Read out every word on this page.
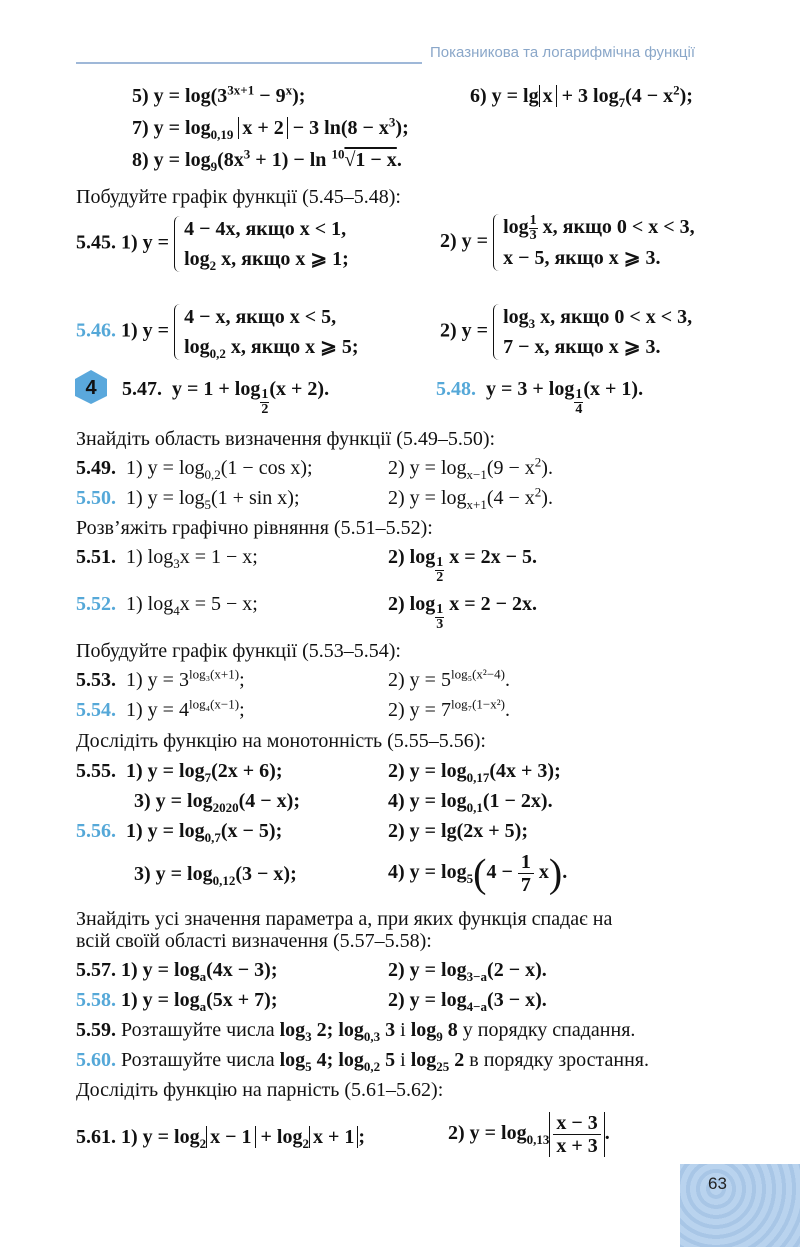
Показникова та логарифмічна функції
5) $y = \log(3^{3x+1} - 9^x)$;	6) y = lg x + 3 $\log_7(4 - x^2)$;
7) $y = \log_{0,19} x + 2 - 3$ $\ln(8 - x^3)$;
8) $y = \log_9(8x^3 + 1) - \ln ^{10}√1 - x$.
Побудуйте графік функції (5.45–5.48):
5.45. 1) y =
4 − 4x, якщо x < 1,
$\log_2 x$, якщо x ⩾ 1;
2) y =
$\log \frac{1}{3} x$, якщо 0 < x < 3,
x − 5, якщо x ⩾ 3.
5.46. 1) y =
4 − x, якщо x < 5,
$\log_{0,2} x$, якщо x ⩾ 5;
2) y =
$\log_3 x$, якщо 0 < x < 3,
7 − x, якщо x ⩾ 3.
4 5.47. $y = 1 + \log \frac{1}{2} (x + 2)$.	5.48. $y = 3 + \log \frac{1}{4} (x + 1)$.
Знайдіть область визначення функції (5.49–5.50):
5.49. 1) $y = \log_{0,2}(1 - \cos x)$;	2) $y = \log_{x-1}(9 - x^2)$.
5.50. 1) $y = \log_5(1 + \sin x)$;	2) $y = \log_{x+1}(4 - x^2)$.
Розв’яжіть графічно рівняння (5.51–5.52):
5.51. 1) $\log_3x = 1 - x$;	2) $\log \frac{1}{2}$ x = 2x − 5.
5.52. 1) $\log_4x = 5 - x$;	2) $\log \frac{1}{3}$ x = 2 − 2x.
Побудуйте графік функції (5.53–5.54):
5.53. 1) $y = 3^{log_3(x+1)}$;	2) $y = 5^{log_5(x^2-4)}$.
5.54. 1) $y = 4^{log_4(x-1)}$;	2) $y = 7^{log_7(1-x^2)}$.
Дослідіть функцію на монотонність (5.55–5.56):
5.55. 1) $y = \log_7(2x + 6)$;	2) $y = \log_{0,17}(4x + 3)$;
3) $y = \log_{2020}(4 - x)$;	4) $y = \log_{0,1}(1 - 2x)$.
5.56. 1) $y = \log_{0,7}(x - 5)$;	2) y = lg(2x + 5);
3) $y = \log_{0,12}(3 - x)$;	4) $y = \log_5(4 - \frac{1}{7} x)$.
Знайдіть усі значення параметра a, при яких функція спадає на
всій своїй області визначення (5.57–5.58):
5.57. 1) $y = \log_a(4x - 3)$;	2) $y = \log_{3-a}(2 - x)$.
5.58. 1) $y = \log_a(5x + 7)$;	2) $y = \log_{4-a}(3 - x)$.
5.59. Розташуйте числа $\log_3 2$; $\log_{0,3} 3$ і $\log_9 8$ у порядку спадання.
5.60. Розташуйте числа $\log_5 4$; $\log_{0,2} 5$ і $\log_{25} 2$ в порядку зростання.
Дослідіть функцію на парність (5.61–5.62):
5.61. 1) $y = \log_2 x - 1 + \log_2 x + 1$ ;	2) $y = \log_{0,13} \frac{x - 3}{x + 3}$ .
63
